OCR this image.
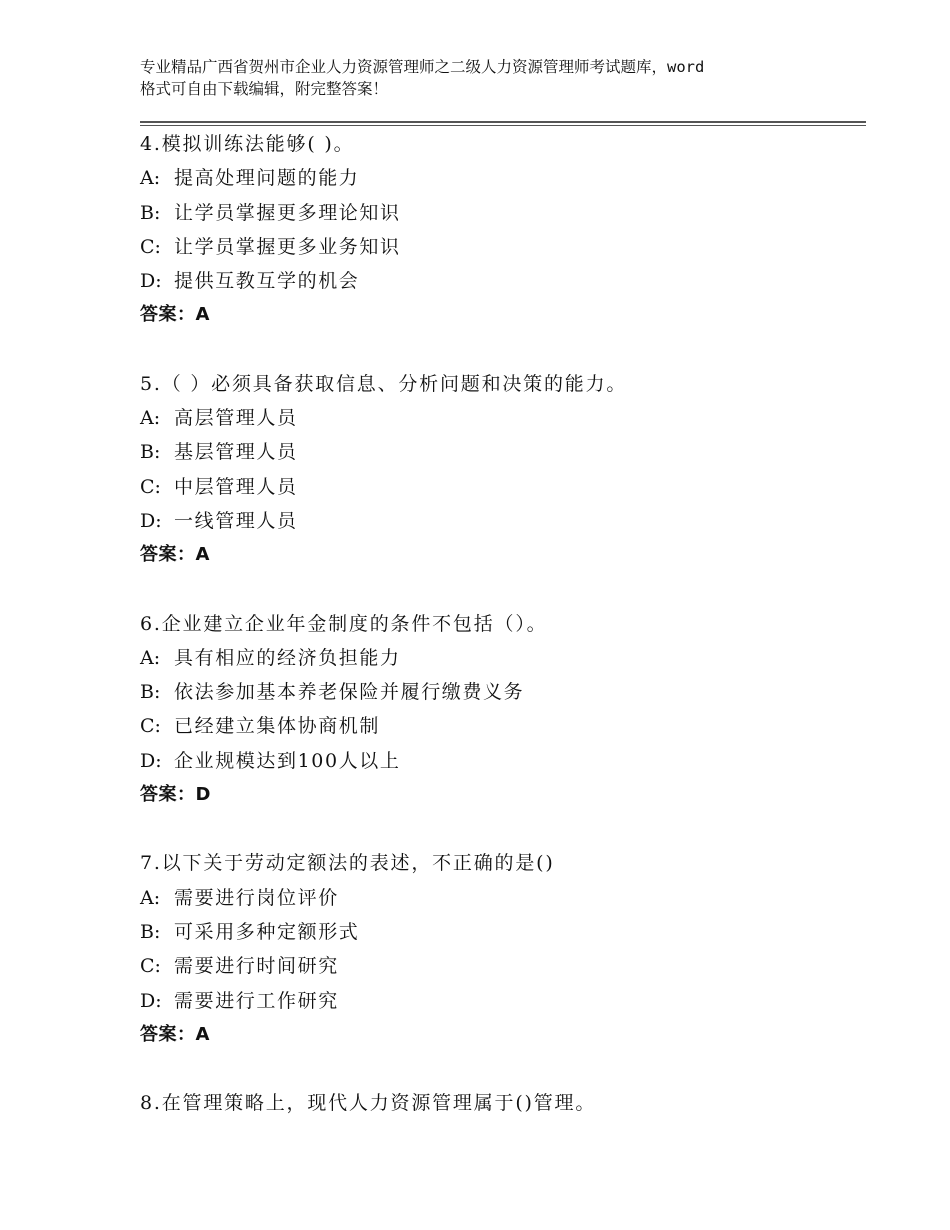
专业精品广西省贺州市企业人力资源管理师之二级人力资源管理师考试题库，word
格式可自由下载编辑，附完整答案！
4.模拟训练法能够( )。
A: 提高处理问题的能力
B: 让学员掌握更多理论知识
C: 让学员掌握更多业务知识
D: 提供互教互学的机会
答案：A
5.（ ）必须具备获取信息、分析问题和决策的能力。
A: 高层管理人员
B: 基层管理人员
C: 中层管理人员
D: 一线管理人员
答案：A
6.企业建立企业年金制度的条件不包括（）。
A: 具有相应的经济负担能力
B: 依法参加基本养老保险并履行缴费义务
C: 已经建立集体协商机制
D: 企业规模达到100人以上
答案：D
7.以下关于劳动定额法的表述，不正确的是()
A: 需要进行岗位评价
B: 可采用多种定额形式
C: 需要进行时间研究
D: 需要进行工作研究
答案：A
8.在管理策略上，现代人力资源管理属于()管理。
